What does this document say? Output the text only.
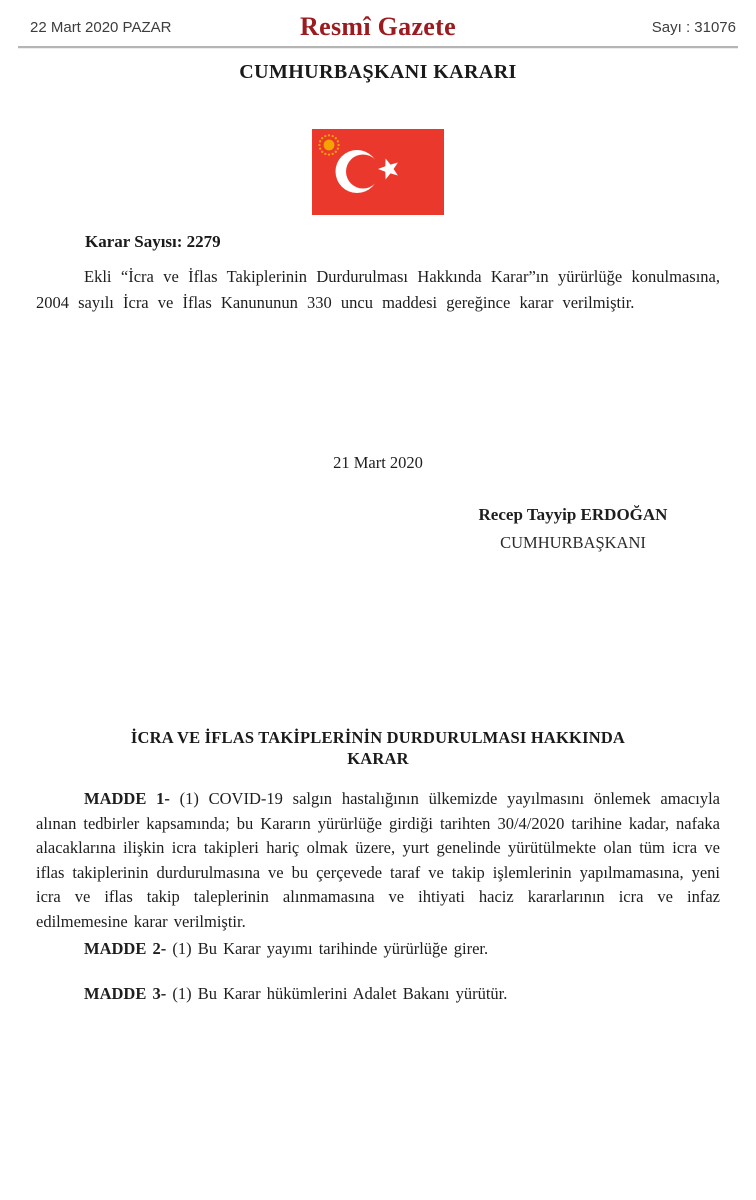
22 Mart 2020 PAZAR	Resmî Gazete	Sayı : 31076
CUMHURBAŞKANI KARARI
Karar Sayısı: 2279
Ekli “İcra ve İflas Takiplerinin Durdurulması Hakkında Karar”ın yürürlüğe konulmasına, 2004 sayılı İcra ve İflas Kanununun 330 uncu maddesi gereğince karar verilmiştir.
21 Mart 2020
Recep Tayyip ERDOĞAN
CUMHURBAŞKANI
İCRA VE İFLAS TAKİPLERİNİN DURDURULMASI HAKKINDA
KARAR
MADDE 1- (1) COVID-19 salgın hastalığının ülkemizde yayılmasını önlemek amacıyla alınan tedbirler kapsamında; bu Kararın yürürlüğe girdiği tarihten 30/4/2020 tarihine kadar, nafaka alacaklarına ilişkin icra takipleri hariç olmak üzere, yurt genelinde yürütülmekte olan tüm icra ve iflas takiplerinin durdurulmasına ve bu çerçevede taraf ve takip işlemlerinin yapılmamasına, yeni icra ve iflas takip taleplerinin alınmamasına ve ihtiyati haciz kararlarının icra ve infaz edilmemesine karar verilmiştir.
MADDE 2- (1) Bu Karar yayımı tarihinde yürürlüğe girer.
MADDE 3- (1) Bu Karar hükümlerini Adalet Bakanı yürütür.
